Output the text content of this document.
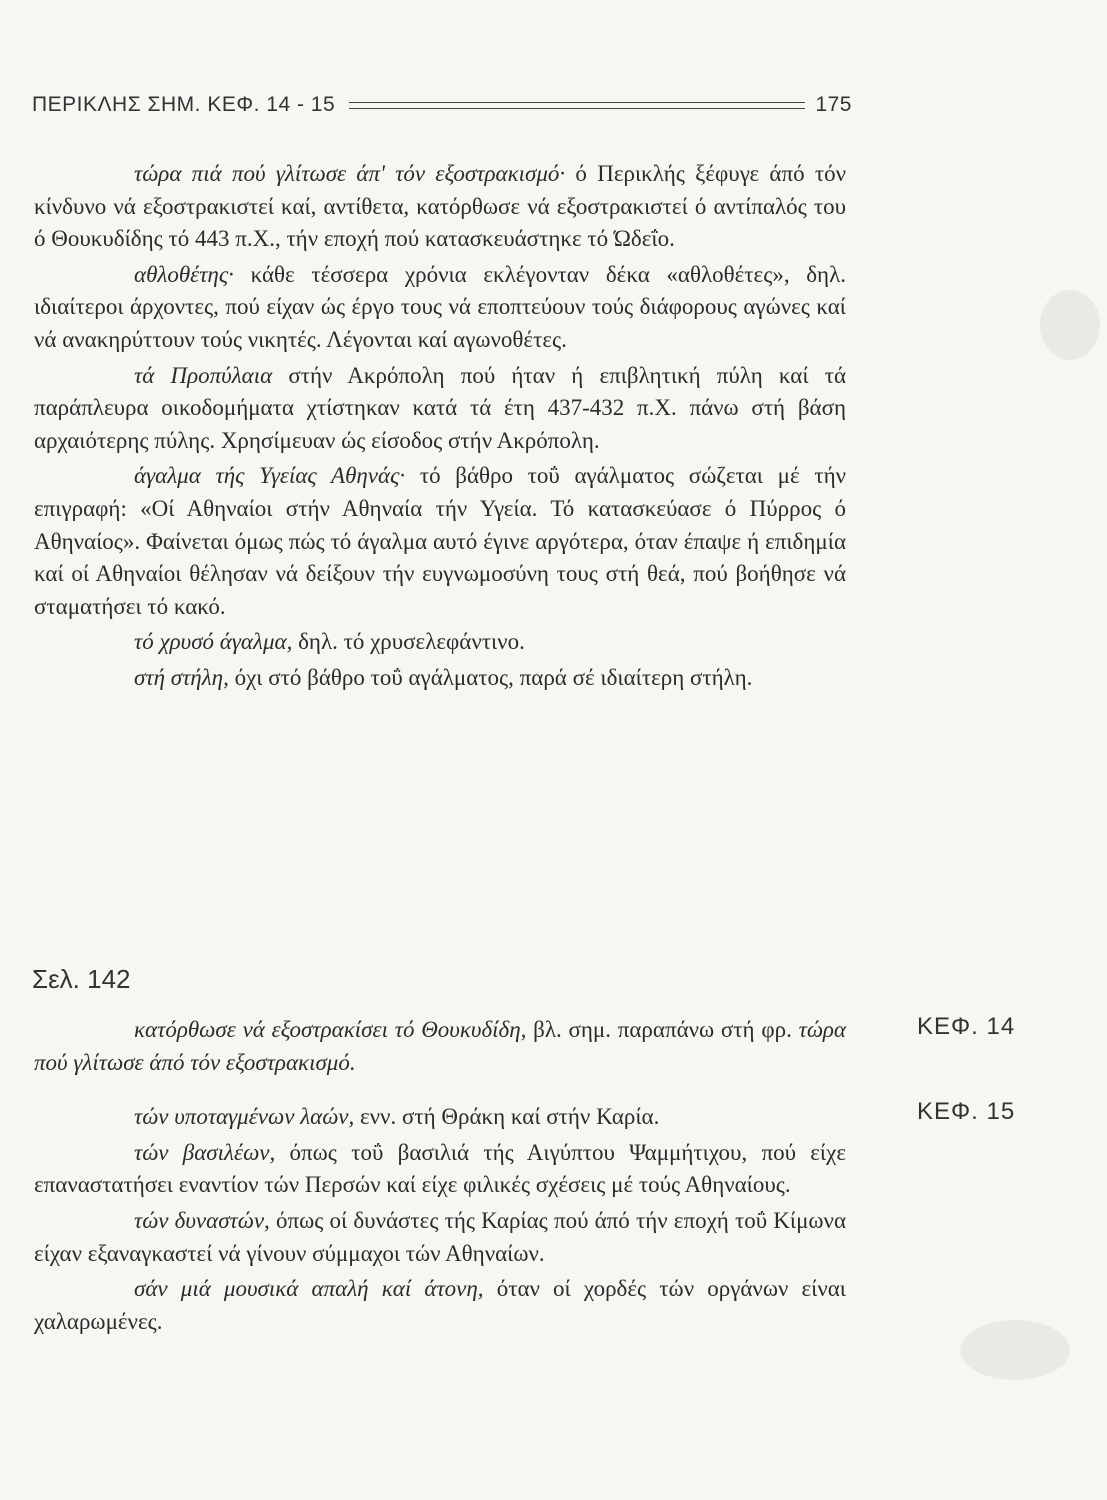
ΠΕΡΙΚΛΗΣ ΣΗΜ. ΚΕΦ. 14 - 15	175

τώρα πιά πού γλίτωσε άπ' τόν εξοστρακισμό· ό Περικλής ξέφυγε άπό τόν κίνδυνο νά εξοστρακιστεί καί, αντίθετα, κατόρθωσε νά εξοστρακιστεί ό αντίπαλός του ό Θουκυδίδης τό 443 π.Χ., τήν εποχή πού κατασκευάστηκε τό Ώδεΐο.

αθλοθέτης· κάθε τέσσερα χρόνια εκλέγονταν δέκα «αθλοθέτες», δηλ. ιδιαίτεροι άρχοντες, πού είχαν ώς έργο τους νά εποπτεύουν τούς διάφορους αγώνες καί νά ανακηρύττουν τούς νικητές. Λέγονται καί αγωνοθέτες.

τά Προπύλαια στήν Ακρόπολη πού ήταν ή επιβλητική πύλη καί τά παράπλευρα οικοδομήματα χτίστηκαν κατά τά έτη 437-432 π.Χ. πάνω στή βάση αρχαιότερης πύλης. Χρησίμευαν ώς είσοδος στήν Ακρόπολη.

άγαλμα τής Υγείας Αθηνάς· τό βάθρο τοΰ αγάλματος σώζεται μέ τήν επιγραφή: «Οί Αθηναίοι στήν Αθηναία τήν Υγεία. Τό κατασκεύασε ό Πύρρος ό Αθηναίος». Φαίνεται όμως πώς τό άγαλμα αυτό έγινε αργότερα, όταν έπαψε ή επιδημία καί οί Αθηναίοι θέλησαν νά δείξουν τήν ευγνωμοσύνη τους στή θεά, πού βοήθησε νά σταματήσει τό κακό.

τό χρυσό άγαλμα, δηλ. τό χρυσελεφάντινο.

στή στήλη, όχι στό βάθρο τοΰ αγάλματος, παρά σέ ιδιαίτερη στήλη.

Σελ. 142
ΚΕΦ. 14
ΚΕΦ. 15

κατόρθωσε νά εξοστρακίσει τό Θουκυδίδη, βλ. σημ. παραπάνω στή φρ. τώρα πού γλίτωσε άπό τόν εξοστρακισμό.

τών υποταγμένων λαών, ενν. στή Θράκη καί στήν Καρία.

τών βασιλέων, όπως τοΰ βασιλιά τής Αιγύπτου Ψαμμήτιχου, πού είχε επαναστατήσει εναντίον τών Περσών καί είχε φιλικές σχέσεις μέ τούς Αθηναίους.

τών δυναστών, όπως οί δυνάστες τής Καρίας πού άπό τήν εποχή τοΰ Κίμωνα είχαν εξαναγκαστεί νά γίνουν σύμμαχοι τών Αθηναίων.

σάν μιά μουσικά απαλή καί άτονη, όταν οί χορδές τών οργάνων είναι χαλαρωμένες.
